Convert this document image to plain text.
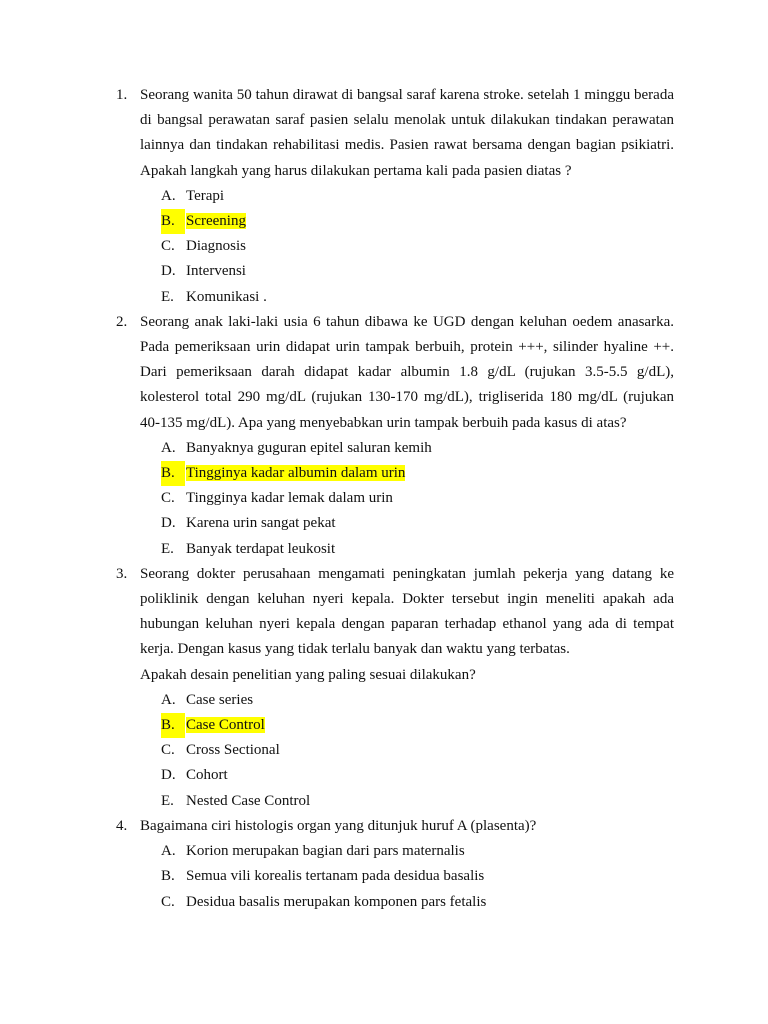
1. Seorang wanita 50 tahun dirawat di bangsal saraf karena stroke. setelah 1 minggu berada di bangsal perawatan saraf pasien selalu menolak untuk dilakukan tindakan perawatan lainnya dan tindakan rehabilitasi medis. Pasien rawat bersama dengan bagian psikiatri. Apakah langkah yang harus dilakukan pertama kali pada pasien diatas ?
A. Terapi
B. Screening
C. Diagnosis
D. Intervensi
E. Komunikasi .
2. Seorang anak laki-laki usia 6 tahun dibawa ke UGD dengan keluhan oedem anasarka. Pada pemeriksaan urin didapat urin tampak berbuih, protein +++, silinder hyaline ++. Dari pemeriksaan darah didapat kadar albumin 1.8 g/dL (rujukan 3.5-5.5 g/dL), kolesterol total 290 mg/dL (rujukan 130-170 mg/dL), trigliserida 180 mg/dL (rujukan 40-135 mg/dL). Apa yang menyebabkan urin tampak berbuih pada kasus di atas?
A. Banyaknya guguran epitel saluran kemih
B. Tingginya kadar albumin dalam urin
C. Tingginya kadar lemak dalam urin
D. Karena urin sangat pekat
E. Banyak terdapat leukosit
3. Seorang dokter perusahaan mengamati peningkatan jumlah pekerja yang datang ke poliklinik dengan keluhan nyeri kepala. Dokter tersebut ingin meneliti apakah ada hubungan keluhan nyeri kepala dengan paparan terhadap ethanol yang ada di tempat kerja. Dengan kasus yang tidak terlalu banyak dan waktu yang terbatas.
Apakah desain penelitian yang paling sesuai dilakukan?
A. Case series
B. Case Control
C. Cross Sectional
D. Cohort
E. Nested Case Control
4. Bagaimana ciri histologis organ yang ditunjuk huruf A (plasenta)?
A. Korion merupakan bagian dari pars maternalis
B. Semua vili korealis tertanam pada desidua basalis
C. Desidua basalis merupakan komponen pars fetalis
